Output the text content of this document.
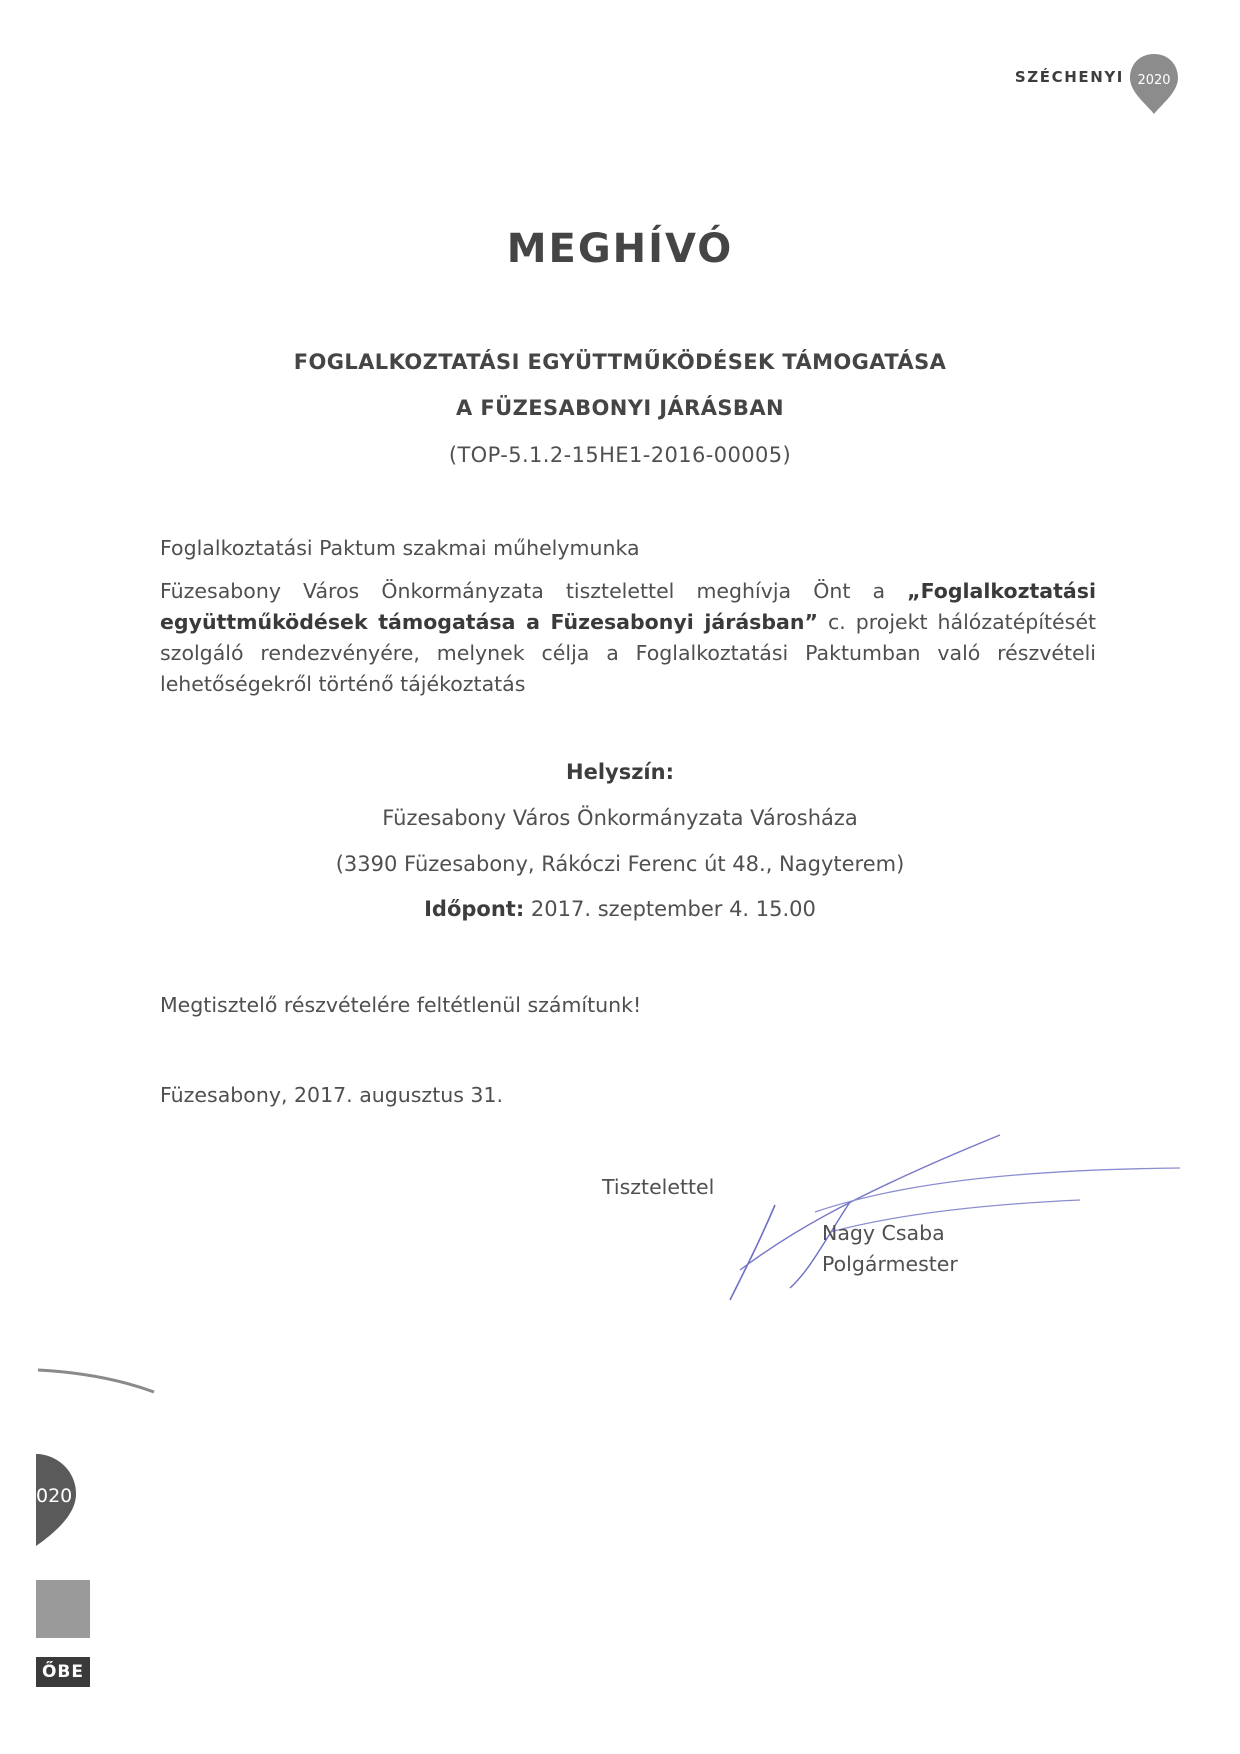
SZÉCHENYI 2020
MEGHÍVÓ
FOGLALKOZTATÁSI EGYÜTTMŰKÖDÉSEK TÁMOGATÁSA
A FÜZESABONYI JÁRÁSBAN
(TOP-5.1.2-15HE1-2016-00005)
Foglalkoztatási Paktum szakmai műhelymunka
Füzesabony Város Önkormányzata tisztelettel meghívja Önt a „Foglalkoztatási együttműködések támogatása a Füzesabonyi járásban” c. projekt hálózatépítését szolgáló rendezvényére, melynek célja a Foglalkoztatási Paktumban való részvételi lehetőségekről történő tájékoztatás
Helyszín:
Füzesabony Város Önkormányzata Városháza
(3390 Füzesabony, Rákóczi Ferenc út 48., Nagyterem)
Időpont: 2017. szeptember 4. 15.00
Megtisztelő részvételére feltétlenül számítunk!
Füzesabony, 2017. augusztus 31.
Tisztelettel
Nagy Csaba
Polgármester
020
ŐBE
